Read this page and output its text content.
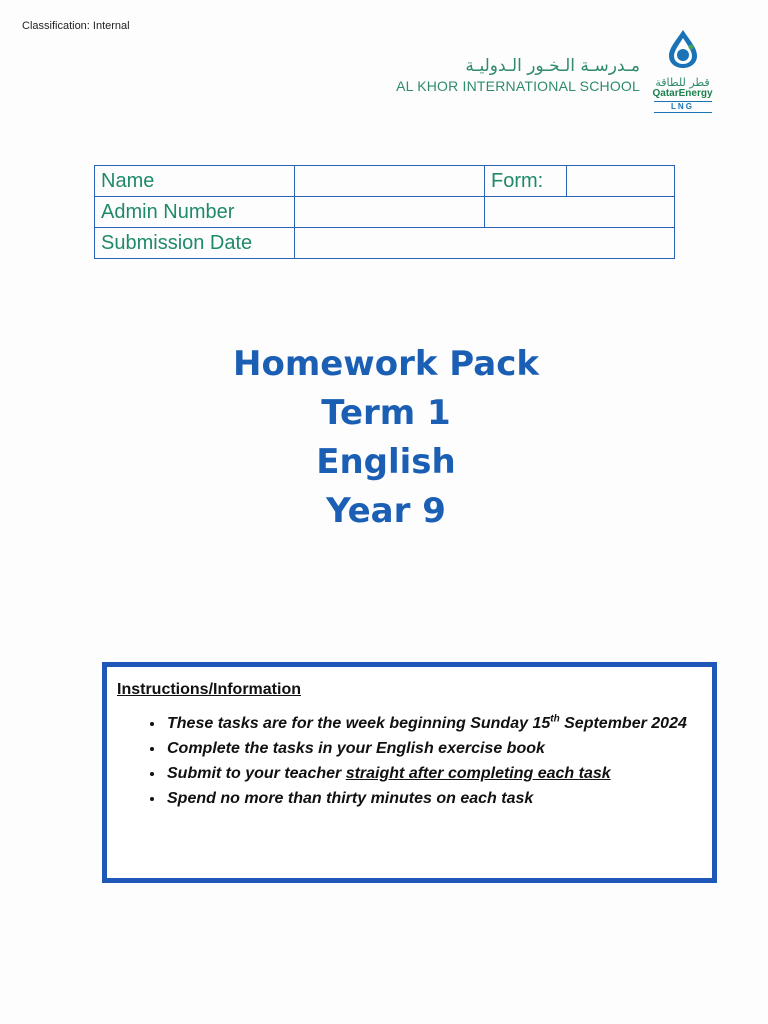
Classification: Internal
مـدرسـة الـخـور الـدوليـة
AL KHOR INTERNATIONAL SCHOOL	قطر للطاقة
QatarEnergy
LNG
Name		Form:	
Admin Number			
Submission Date			
Homework Pack
Term 1
English
Year 9
Instructions/Information
• These tasks are for the week beginning Sunday 15th September 2024
• Complete the tasks in your English exercise book
• Submit to your teacher straight after completing each task
• Spend no more than thirty minutes on each task
